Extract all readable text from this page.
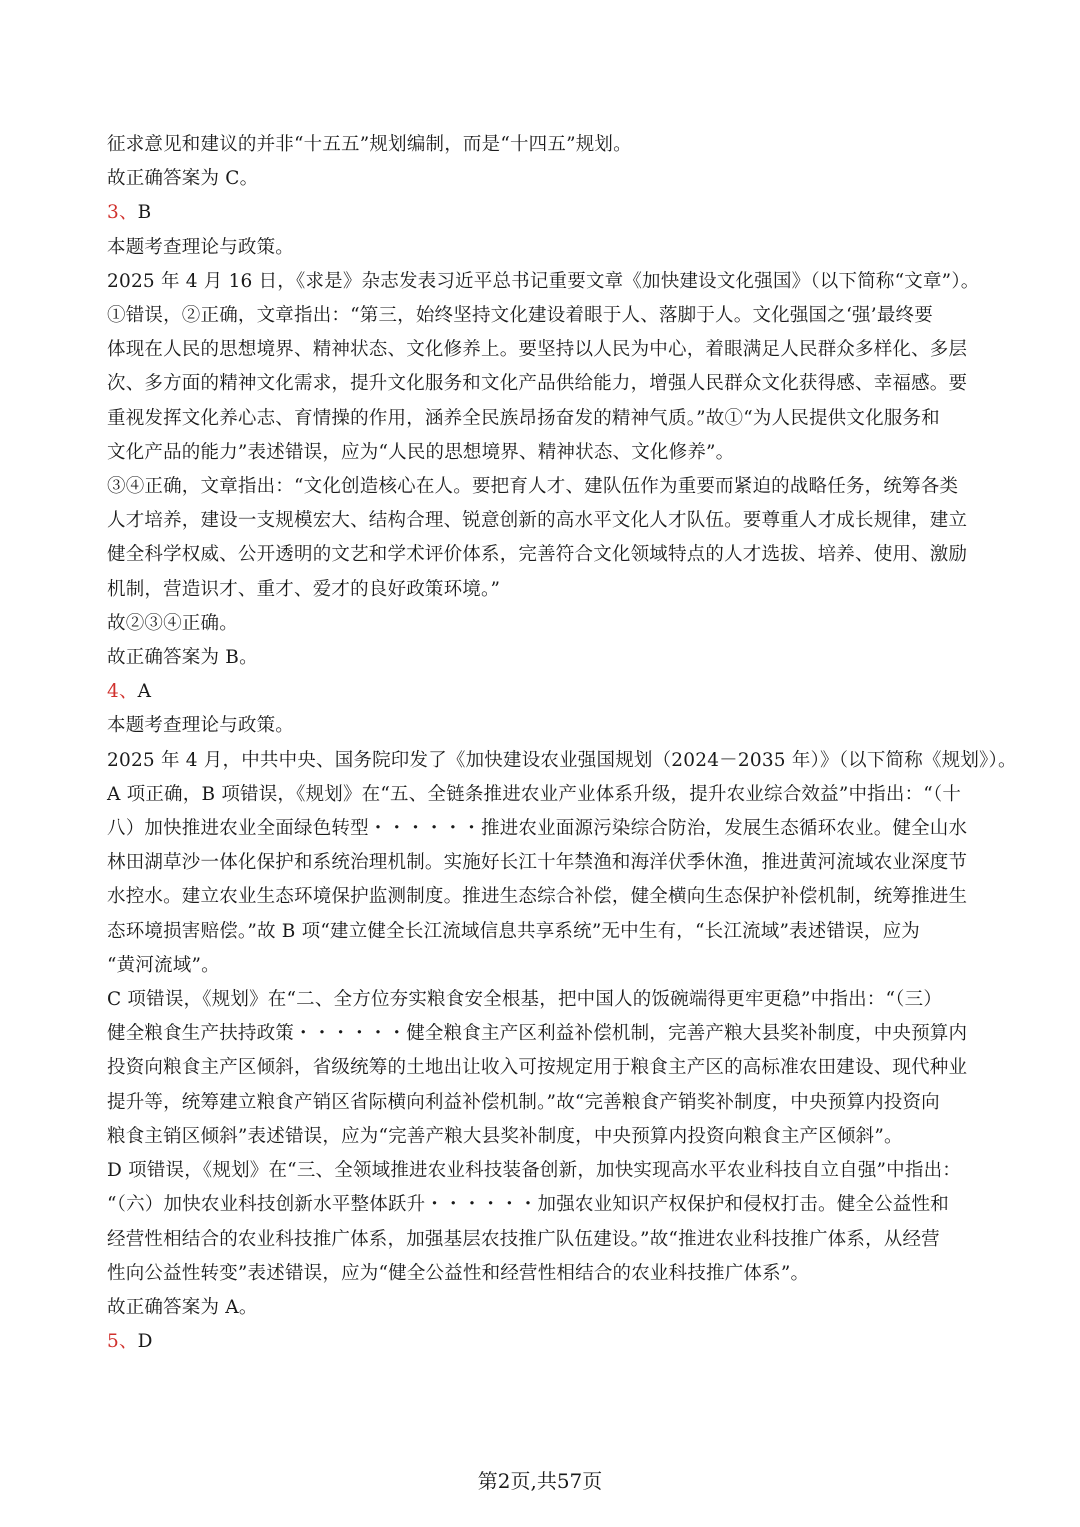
征求意见和建议的并非“十五五”规划编制，而是“十四五”规划。

故正确答案为 C。

3、B

本题考查理论与政策。

2025 年 4 月 16 日，《求是》杂志发表习近平总书记重要文章《加快建设文化强国》（以下简称“文章”）。

①错误，②正确，文章指出：“第三，始终坚持文化建设着眼于人、落脚于人。文化强国之‘强’最终要

体现在人民的思想境界、精神状态、文化修养上。要坚持以人民为中心，着眼满足人民群众多样化、多层

次、多方面的精神文化需求，提升文化服务和文化产品供给能力，增强人民群众文化获得感、幸福感。要

重视发挥文化养心志、育情操的作用，涵养全民族昂扬奋发的精神气质。”故①“为人民提供文化服务和

文化产品的能力”表述错误，应为“人民的思想境界、精神状态、文化修养”。

③④正确，文章指出：“文化创造核心在人。要把育人才、建队伍作为重要而紧迫的战略任务，统筹各类

人才培养，建设一支规模宏大、结构合理、锐意创新的高水平文化人才队伍。要尊重人才成长规律，建立

健全科学权威、公开透明的文艺和学术评价体系，完善符合文化领域特点的人才选拔、培养、使用、激励

机制，营造识才、重才、爱才的良好政策环境。”

故②③④正确。

故正确答案为 B。

4、A

本题考查理论与政策。

2025 年 4 月，中共中央、国务院印发了《加快建设农业强国规划（2024－2035 年）》（以下简称《规划》）。

A 项正确，B 项错误，《规划》在“五、全链条推进农业产业体系升级，提升农业综合效益”中指出：“（十

八）加快推进农业全面绿色转型・・・・・・推进农业面源污染综合防治，发展生态循环农业。健全山水

林田湖草沙一体化保护和系统治理机制。实施好长江十年禁渔和海洋伏季休渔，推进黄河流域农业深度节

水控水。建立农业生态环境保护监测制度。推进生态综合补偿，健全横向生态保护补偿机制，统筹推进生

态环境损害赔偿。”故 B 项“建立健全长江流域信息共享系统”无中生有，“长江流域”表述错误，应为

“黄河流域”。

C 项错误，《规划》在“二、全方位夯实粮食安全根基，把中国人的饭碗端得更牢更稳”中指出：“（三）

健全粮食生产扶持政策・・・・・・健全粮食主产区利益补偿机制，完善产粮大县奖补制度，中央预算内

投资向粮食主产区倾斜，省级统筹的土地出让收入可按规定用于粮食主产区的高标准农田建设、现代种业

提升等，统筹建立粮食产销区省际横向利益补偿机制。”故“完善粮食产销奖补制度，中央预算内投资向

粮食主销区倾斜”表述错误，应为“完善产粮大县奖补制度，中央预算内投资向粮食主产区倾斜”。

D 项错误，《规划》在“三、全领域推进农业科技装备创新，加快实现高水平农业科技自立自强”中指出：

“（六）加快农业科技创新水平整体跃升・・・・・・加强农业知识产权保护和侵权打击。健全公益性和

经营性相结合的农业科技推广体系，加强基层农技推广队伍建设。”故“推进农业科技推广体系，从经营

性向公益性转变”表述错误，应为“健全公益性和经营性相结合的农业科技推广体系”。

故正确答案为 A。

5、D

第2页,共57页
